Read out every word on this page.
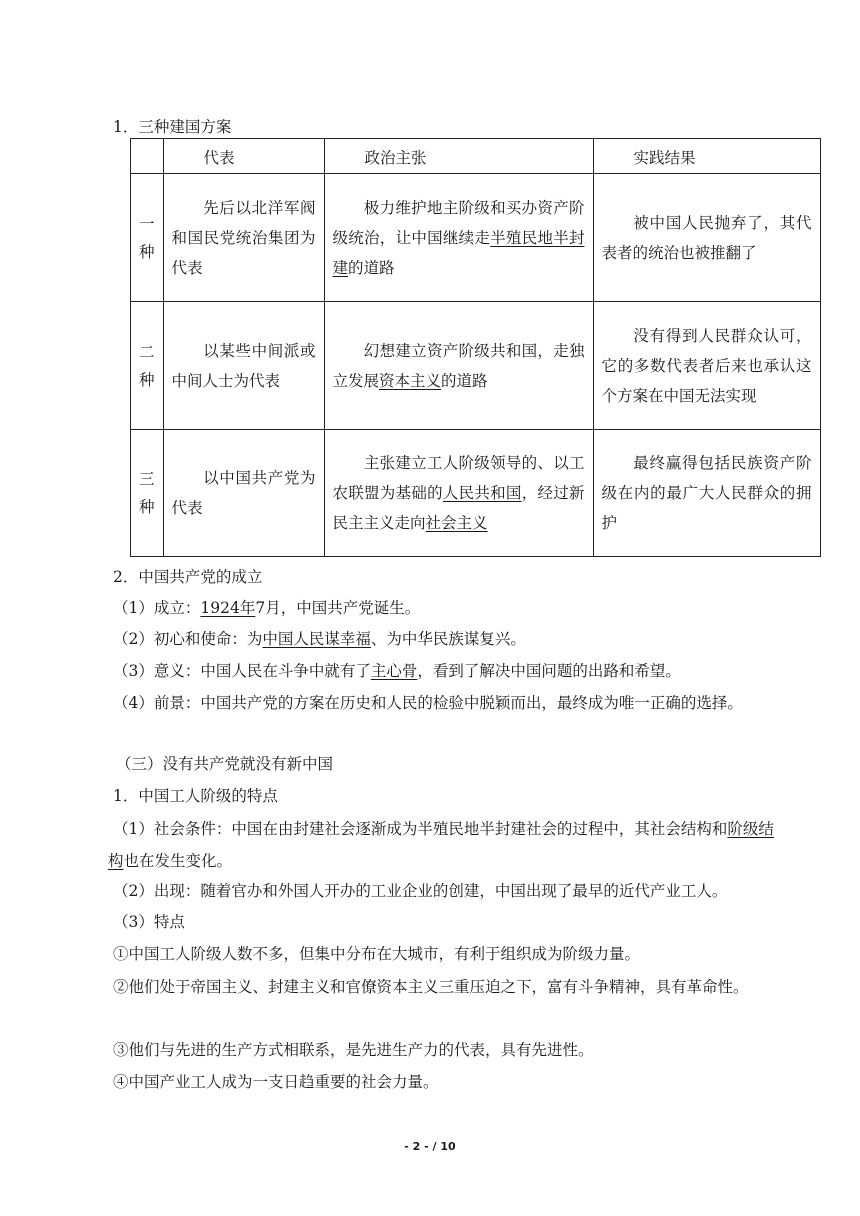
1．三种建国方案
	代表	政治主张	实践结果
一种	先后以北洋军阀和国民党统治集团为代表	极力维护地主阶级和买办资产阶级统治，让中国继续走半殖民地半封建的道路	被中国人民抛弃了，其代表者的统治也被推翻了
二种	以某些中间派或中间人士为代表	幻想建立资产阶级共和国，走独立发展资本主义的道路	没有得到人民群众认可，它的多数代表者后来也承认这个方案在中国无法实现
三种	以中国共产党为代表	主张建立工人阶级领导的、以工农联盟为基础的人民共和国，经过新民主主义走向社会主义	最终赢得包括民族资产阶级在内的最广大人民群众的拥护
2．中国共产党的成立
（1）成立：1924年7月，中国共产党诞生。
（2）初心和使命：为中国人民谋幸福、为中华民族谋复兴。
（3）意义：中国人民在斗争中就有了主心骨，看到了解决中国问题的出路和希望。
（4）前景：中国共产党的方案在历史和人民的检验中脱颖而出，最终成为唯一正确的选择。
（三）没有共产党就没有新中国
1．中国工人阶级的特点
（1）社会条件：中国在由封建社会逐渐成为半殖民地半封建社会的过程中，其社会结构和阶级结构也在发生变化。
（2）出现：随着官办和外国人开办的工业企业的创建，中国出现了最早的近代产业工人。
（3）特点
①中国工人阶级人数不多，但集中分布在大城市，有利于组织成为阶级力量。
②他们处于帝国主义、封建主义和官僚资本主义三重压迫之下，富有斗争精神，具有革命性。
③他们与先进的生产方式相联系，是先进生产力的代表，具有先进性。
④中国产业工人成为一支日趋重要的社会力量。
- 2 - / 10
